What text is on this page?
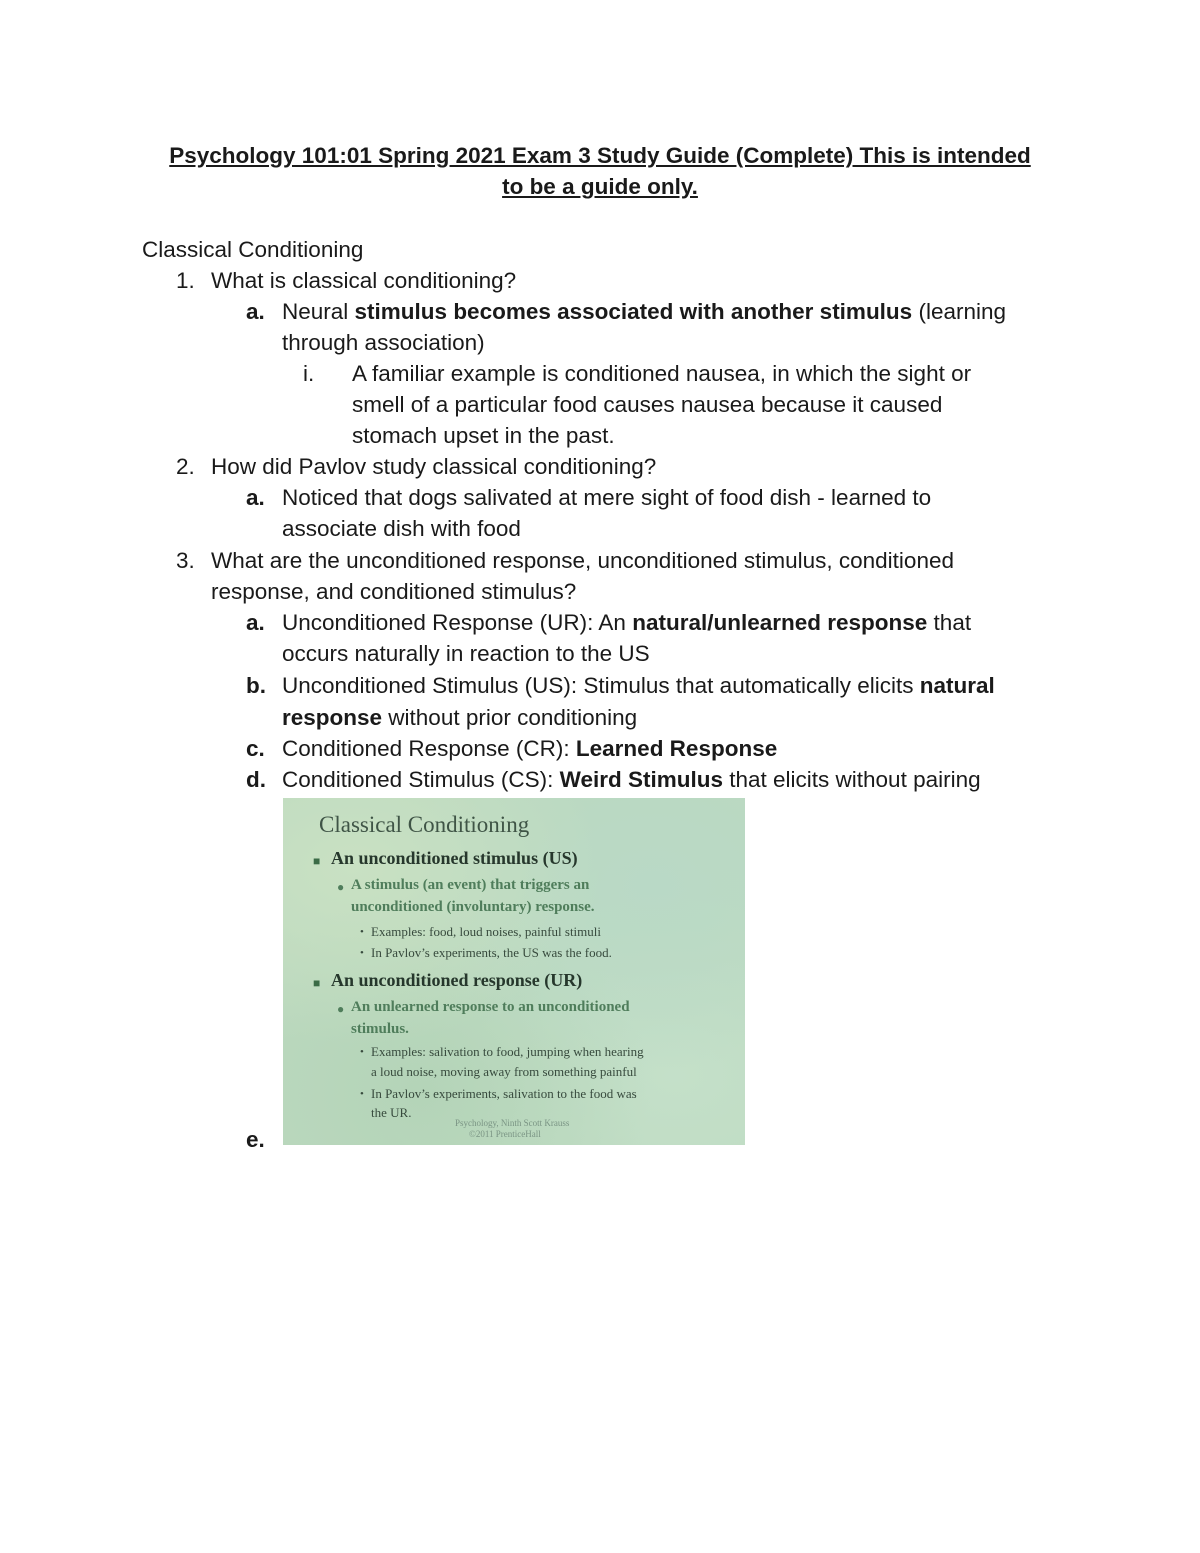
Psychology 101:01 Spring 2021 Exam 3 Study Guide (Complete) This is intended
to be a guide only.
Classical Conditioning
1. What is classical conditioning?
a. Neural stimulus becomes associated with another stimulus (learning
through association)
i. A familiar example is conditioned nausea, in which the sight or
smell of a particular food causes nausea because it caused
stomach upset in the past.
2. How did Pavlov study classical conditioning?
a. Noticed that dogs salivated at mere sight of food dish - learned to
associate dish with food
3. What are the unconditioned response, unconditioned stimulus, conditioned
response, and conditioned stimulus?
a. Unconditioned Response (UR): An natural/unlearned response that
occurs naturally in reaction to the US
b. Unconditioned Stimulus (US): Stimulus that automatically elicits natural
response without prior conditioning
c. Conditioned Response (CR): Learned Response
d. Conditioned Stimulus (CS): Weird Stimulus that elicits without pairing
Classical Conditioning
■ An unconditioned stimulus (US)
● A stimulus (an event) that triggers an
unconditioned (involuntary) response.
• Examples: food, loud noises, painful stimuli
• In Pavlov’s experiments, the US was the food.
■ An unconditioned response (UR)
● An unlearned response to an unconditioned
stimulus.
• Examples: salivation to food, jumping when hearing
a loud noise, moving away from something painful
• In Pavlov’s experiments, salivation to the food was
the UR.
Psychology, Ninth Scott Krauss
©2011 PrenticeHall
e.
